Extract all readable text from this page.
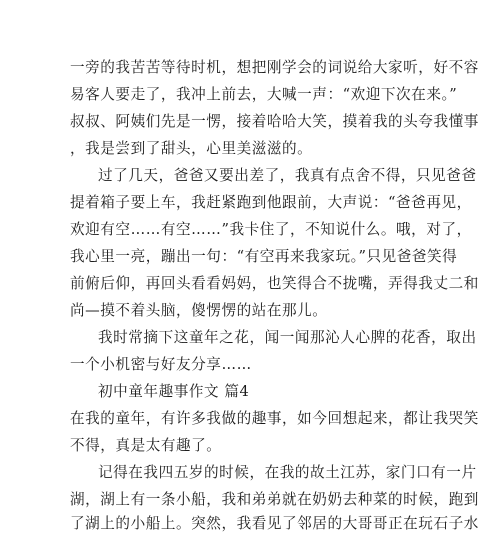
一旁的我苦苦等待时机，想把刚学会的词说给大家听，好不容
易客人要走了，我冲上前去，大喊一声：“欢迎下次在来。”
叔叔、阿姨们先是一愣，接着哈哈大笑，摸着我的头夸我懂事
，我是尝到了甜头，心里美滋滋的。
过了几天，爸爸又要出差了，我真有点舍不得，只见爸爸
提着箱子要上车，我赶紧跑到他跟前，大声说：“爸爸再见，
欢迎有空……有空……”我卡住了，不知说什么。哦，对了，
我心里一亮，蹦出一句：“有空再来我家玩。”只见爸爸笑得
前俯后仰，再回头看看妈妈，也笑得合不拢嘴，弄得我丈二和
尚—摸不着头脑，傻愣愣的站在那儿。
我时常摘下这童年之花，闻一闻那沁人心脾的花香，取出
一个小机密与好友分享……
初中童年趣事作文 篇4
在我的童年，有许多我做的趣事，如今回想起来，都让我哭笑
不得，真是太有趣了。
记得在我四五岁的时候，在我的故土江苏，家门口有一片
湖，湖上有一条小船，我和弟弟就在奶奶去种菜的时候，跑到
了湖上的小船上。突然，我看见了邻居的大哥哥正在玩石子水
